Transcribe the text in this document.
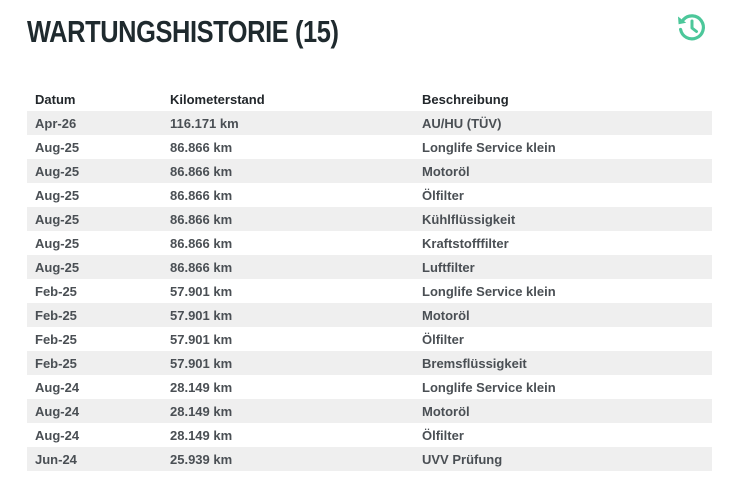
WARTUNGSHISTORIE (15)
Datum	Kilometerstand	Beschreibung
Apr-26	116.171 km	AU/HU (TÜV)
Aug-25	86.866 km	Longlife Service klein
Aug-25	86.866 km	Motoröl
Aug-25	86.866 km	Ölfilter
Aug-25	86.866 km	Kühlflüssigkeit
Aug-25	86.866 km	Kraftstofffilter
Aug-25	86.866 km	Luftfilter
Feb-25	57.901 km	Longlife Service klein
Feb-25	57.901 km	Motoröl
Feb-25	57.901 km	Ölfilter
Feb-25	57.901 km	Bremsflüssigkeit
Aug-24	28.149 km	Longlife Service klein
Aug-24	28.149 km	Motoröl
Aug-24	28.149 km	Ölfilter
Jun-24	25.939 km	UVV Prüfung
